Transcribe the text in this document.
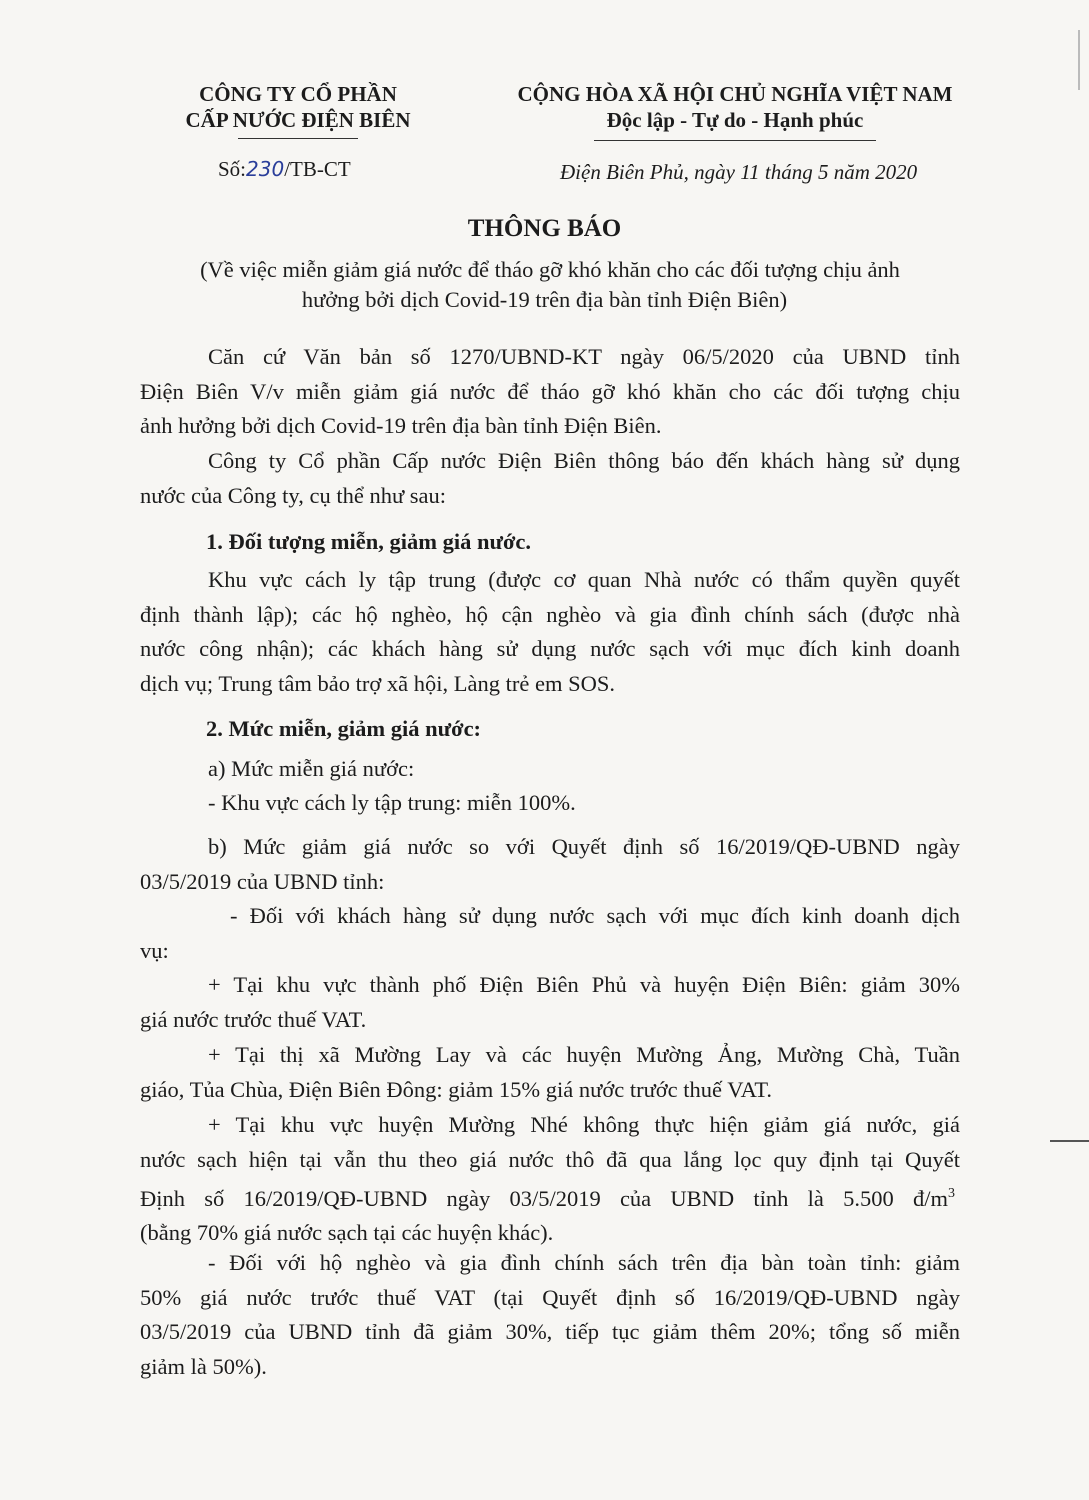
CÔNG TY CỔ PHẦN
CẤP NƯỚC ĐIỆN BIÊN
CỘNG HÒA XÃ HỘI CHỦ NGHĨA VIỆT NAM
Độc lập - Tự do - Hạnh phúc
Số:230/TB-CT	Điện Biên Phủ, ngày 11 tháng 5 năm 2020
THÔNG BÁO
(Về việc miễn giảm giá nước để tháo gỡ khó khăn cho các đối tượng chịu ảnh
hưởng bởi dịch Covid-19 trên địa bàn tỉnh Điện Biên)
Căn cứ Văn bản số 1270/UBND-KT ngày 06/5/2020 của UBND tỉnh
Điện Biên V/v miễn giảm giá nước để tháo gỡ khó khăn cho các đối tượng chịu
ảnh hưởng bởi dịch Covid-19 trên địa bàn tỉnh Điện Biên.
Công ty Cổ phần Cấp nước Điện Biên thông báo đến khách hàng sử dụng
nước của Công ty, cụ thể như sau:
1. Đối tượng miễn, giảm giá nước.
Khu vực cách ly tập trung (được cơ quan Nhà nước có thẩm quyền quyết
định thành lập); các hộ nghèo, hộ cận nghèo và gia đình chính sách (được nhà
nước công nhận); các khách hàng sử dụng nước sạch với mục đích kinh doanh
dịch vụ; Trung tâm bảo trợ xã hội, Làng trẻ em SOS.
2. Mức miễn, giảm giá nước:
a) Mức miễn giá nước:
- Khu vực cách ly tập trung: miễn 100%.
b) Mức giảm giá nước so với Quyết định số 16/2019/QĐ-UBND ngày
03/5/2019 của UBND tỉnh:
- Đối với khách hàng sử dụng nước sạch với mục đích kinh doanh dịch
vụ:
+ Tại khu vực thành phố Điện Biên Phủ và huyện Điện Biên: giảm 30%
giá nước trước thuế VAT.
+ Tại thị xã Mường Lay và các huyện Mường Ảng, Mường Chà, Tuần
giáo, Tủa Chùa, Điện Biên Đông: giảm 15% giá nước trước thuế VAT.
+ Tại khu vực huyện Mường Nhé không thực hiện giảm giá nước, giá
nước sạch hiện tại vẫn thu theo giá nước thô đã qua lắng lọc quy định tại Quyết
Định số 16/2019/QĐ-UBND ngày 03/5/2019 của UBND tỉnh là 5.500 $đ/m^3$
(bằng 70% giá nước sạch tại các huyện khác).
- Đối với hộ nghèo và gia đình chính sách trên địa bàn toàn tỉnh: giảm
50% giá nước trước thuế VAT (tại Quyết định số 16/2019/QĐ-UBND ngày
03/5/2019 của UBND tỉnh đã giảm 30%, tiếp tục giảm thêm 20%; tổng số miễn
giảm là 50%).
